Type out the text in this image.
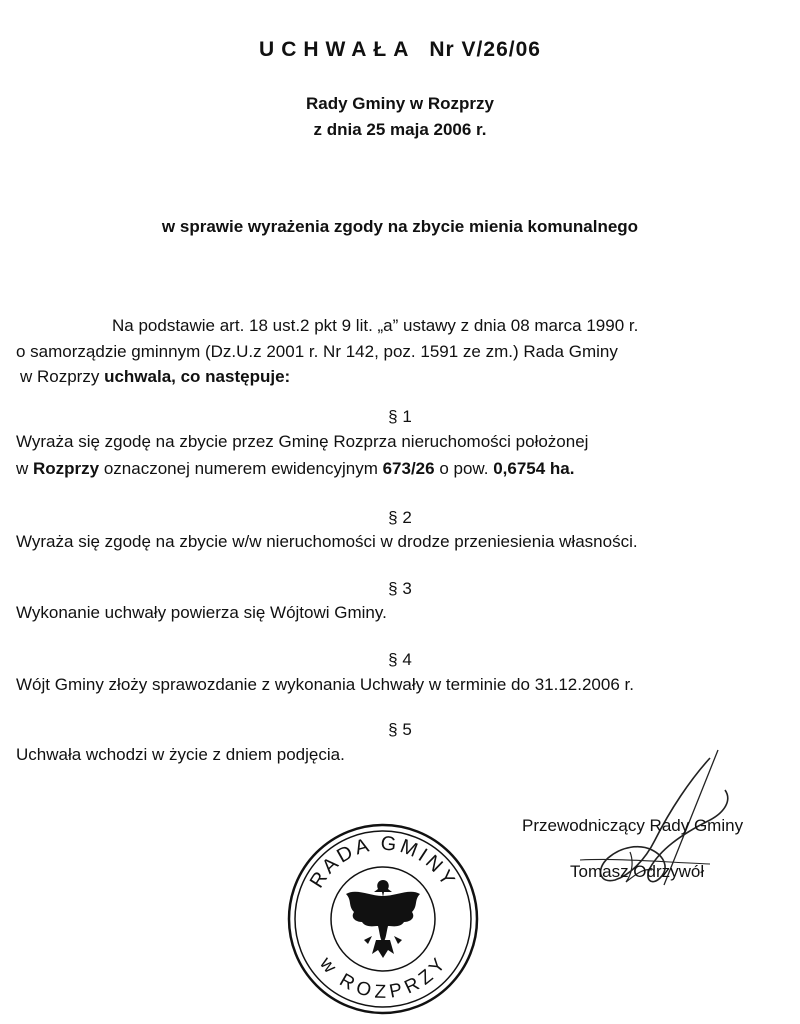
UCHWAŁA Nr V/26/06
Rady Gminy w Rozprzy
z dnia 25 maja 2006 r.
w sprawie wyrażenia zgody na zbycie mienia komunalnego
Na podstawie art. 18 ust.2 pkt 9 lit. „a” ustawy z dnia 08 marca 1990 r.
o samorządzie gminnym (Dz.U.z 2001 r. Nr 142, poz. 1591 ze zm.) Rada Gminy
w Rozprzy uchwala, co następuje:
§ 1
Wyraża się zgodę na zbycie przez Gminę Rozprza nieruchomości położonej
w Rozprzy oznaczonej numerem ewidencyjnym 673/26 o pow. 0,6754 ha.
§ 2
Wyraża się zgodę na zbycie w/w nieruchomości w drodze przeniesienia własności.
§ 3
Wykonanie uchwały powierza się Wójtowi Gminy.
§ 4
Wójt Gminy złoży sprawozdanie z wykonania Uchwały w terminie do 31.12.2006 r.
§ 5
Uchwała wchodzi w życie z dniem podjęcia.
Przewodniczący Rady Gminy
Tomasz Odrzywół
RADA GMINY
w ROZPRZY
